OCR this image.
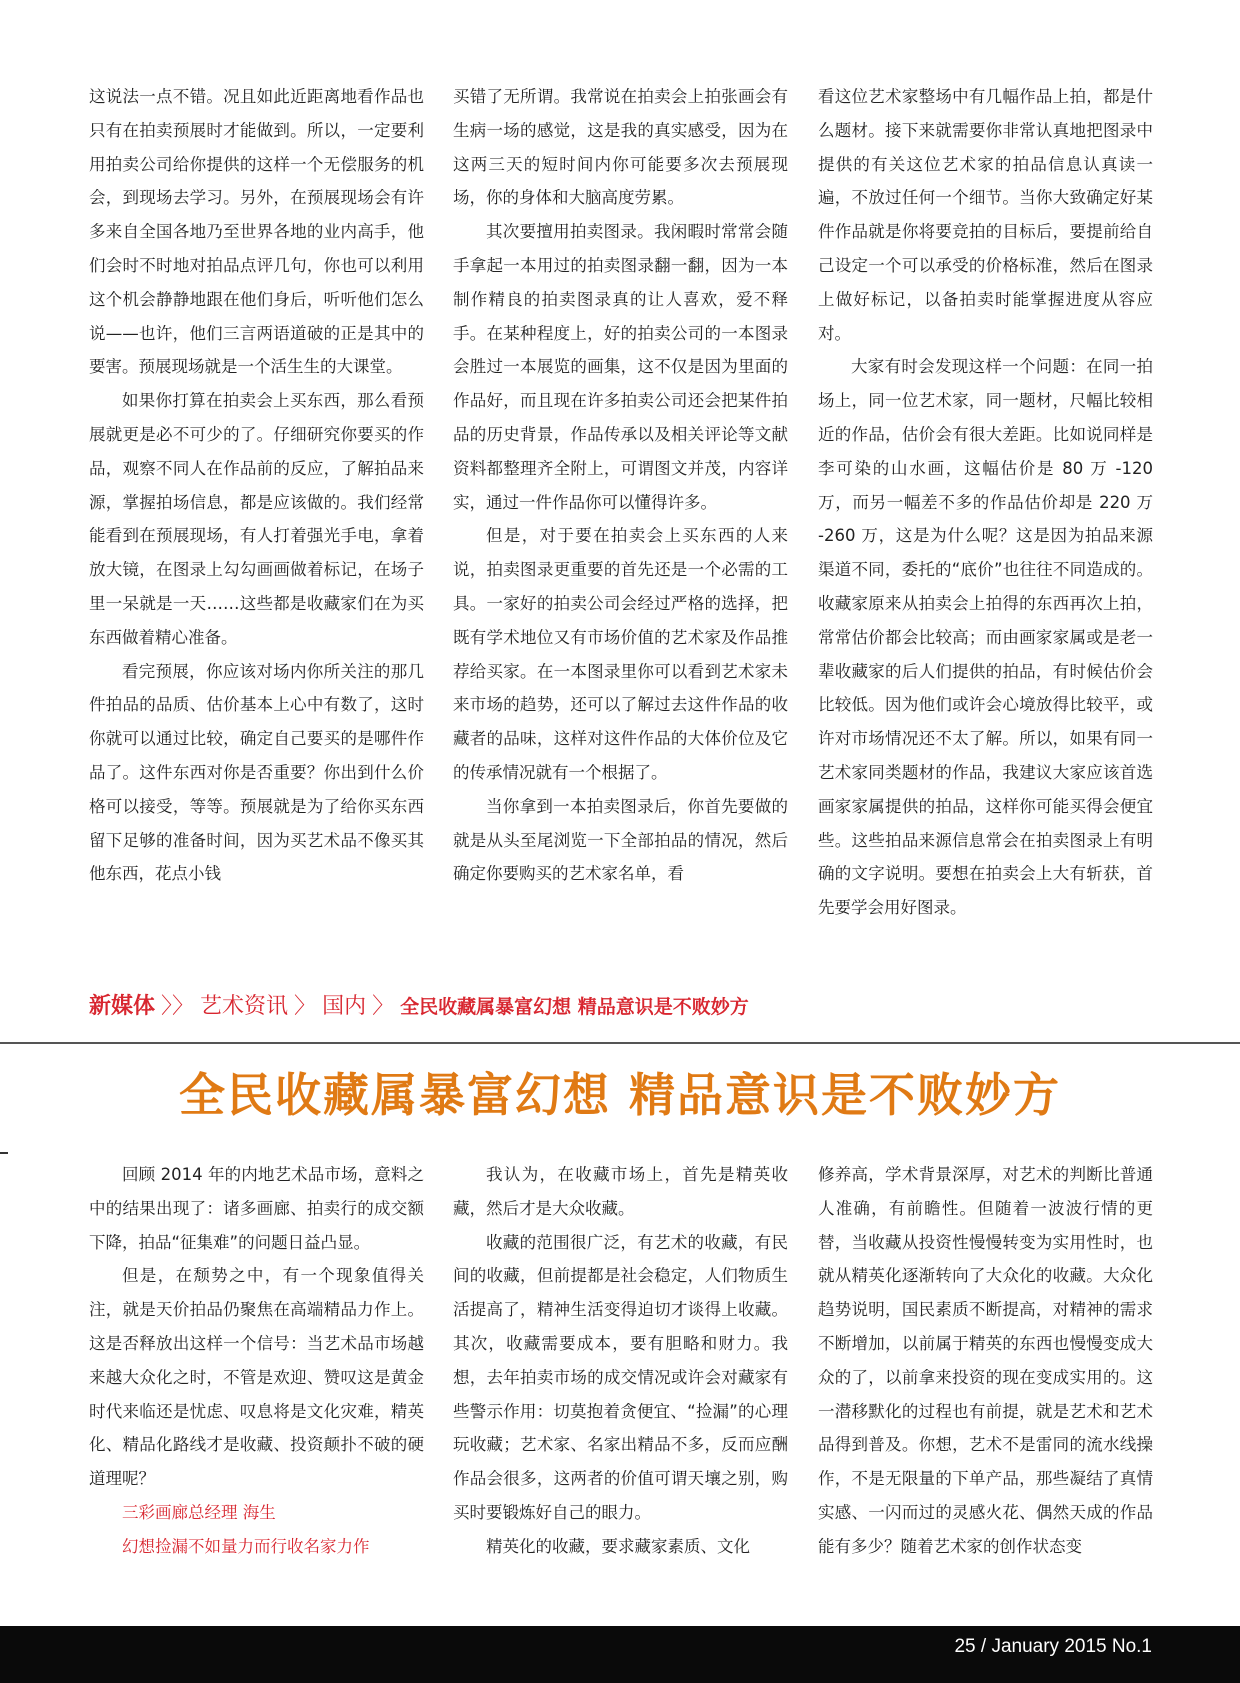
这说法一点不错。况且如此近距离地看作品也只有在拍卖预展时才能做到。所以，一定要利用拍卖公司给你提供的这样一个无偿服务的机会，到现场去学习。另外，在预展现场会有许多来自全国各地乃至世界各地的业内高手，他们会时不时地对拍品点评几句，你也可以利用这个机会静静地跟在他们身后，听听他们怎么说——也许，他们三言两语道破的正是其中的要害。预展现场就是一个活生生的大课堂。

如果你打算在拍卖会上买东西，那么看预展就更是必不可少的了。仔细研究你要买的作品，观察不同人在作品前的反应，了解拍品来源，掌握拍场信息，都是应该做的。我们经常能看到在预展现场，有人打着强光手电，拿着放大镜，在图录上勾勾画画做着标记，在场子里一呆就是一天……这些都是收藏家们在为买东西做着精心准备。

看完预展，你应该对场内你所关注的那几件拍品的品质、估价基本上心中有数了，这时你就可以通过比较，确定自己要买的是哪件作品了。这件东西对你是否重要？你出到什么价格可以接受，等等。预展就是为了给你买东西留下足够的准备时间，因为买艺术品不像买其他东西，花点小钱

买错了无所谓。我常说在拍卖会上拍张画会有生病一场的感觉，这是我的真实感受，因为在这两三天的短时间内你可能要多次去预展现场，你的身体和大脑高度劳累。

其次要擅用拍卖图录。我闲暇时常常会随手拿起一本用过的拍卖图录翻一翻，因为一本制作精良的拍卖图录真的让人喜欢，爱不释手。在某种程度上，好的拍卖公司的一本图录会胜过一本展览的画集，这不仅是因为里面的作品好，而且现在许多拍卖公司还会把某件拍品的历史背景，作品传承以及相关评论等文献资料都整理齐全附上，可谓图文并茂，内容详实，通过一件作品你可以懂得许多。

但是，对于要在拍卖会上买东西的人来说，拍卖图录更重要的首先还是一个必需的工具。一家好的拍卖公司会经过严格的选择，把既有学术地位又有市场价值的艺术家及作品推荐给买家。在一本图录里你可以看到艺术家未来市场的趋势，还可以了解过去这件作品的收藏者的品味，这样对这件作品的大体价位及它的传承情况就有一个根据了。

当你拿到一本拍卖图录后，你首先要做的就是从头至尾浏览一下全部拍品的情况，然后确定你要购买的艺术家名单，看

看这位艺术家整场中有几幅作品上拍，都是什么题材。接下来就需要你非常认真地把图录中提供的有关这位艺术家的拍品信息认真读一遍，不放过任何一个细节。当你大致确定好某件作品就是你将要竞拍的目标后，要提前给自己设定一个可以承受的价格标准，然后在图录上做好标记，以备拍卖时能掌握进度从容应对。

大家有时会发现这样一个问题：在同一拍场上，同一位艺术家，同一题材，尺幅比较相近的作品，估价会有很大差距。比如说同样是李可染的山水画，这幅估价是 80 万 -120 万，而另一幅差不多的作品估价却是 220 万 -260 万，这是为什么呢？这是因为拍品来源渠道不同，委托的“底价”也往往不同造成的。收藏家原来从拍卖会上拍得的东西再次上拍，常常估价都会比较高；而由画家家属或是老一辈收藏家的后人们提供的拍品，有时候估价会比较低。因为他们或许会心境放得比较平，或许对市场情况还不太了解。所以，如果有同一艺术家同类题材的作品，我建议大家应该首选画家家属提供的拍品，这样你可能买得会便宜些。这些拍品来源信息常会在拍卖图录上有明确的文字说明。要想在拍卖会上大有斩获，首先要学会用好图录。

新媒体 〉〉 艺术资讯 〉 国内 〉 全民收藏属暴富幻想 精品意识是不败妙方
全民收藏属暴富幻想 精品意识是不败妙方

回顾 2014 年的内地艺术品市场，意料之中的结果出现了：诸多画廊、拍卖行的成交额下降，拍品“征集难”的问题日益凸显。

但是，在颓势之中，有一个现象值得关注，就是天价拍品仍聚焦在高端精品力作上。这是否释放出这样一个信号：当艺术品市场越来越大众化之时，不管是欢迎、赞叹这是黄金时代来临还是忧虑、叹息将是文化灾难，精英化、精品化路线才是收藏、投资颠扑不破的硬道理呢？

三彩画廊总经理 海生

幻想捡漏不如量力而行收名家力作

我认为，在收藏市场上，首先是精英收藏，然后才是大众收藏。

收藏的范围很广泛，有艺术的收藏，有民间的收藏，但前提都是社会稳定，人们物质生活提高了，精神生活变得迫切才谈得上收藏。其次，收藏需要成本，要有胆略和财力。我想，去年拍卖市场的成交情况或许会对藏家有些警示作用：切莫抱着贪便宜、“捡漏”的心理玩收藏；艺术家、名家出精品不多，反而应酬作品会很多，这两者的价值可谓天壤之别，购买时要锻炼好自己的眼力。

精英化的收藏，要求藏家素质、文化

修养高，学术背景深厚，对艺术的判断比普通人准确，有前瞻性。但随着一波波行情的更替，当收藏从投资性慢慢转变为实用性时，也就从精英化逐渐转向了大众化的收藏。大众化趋势说明，国民素质不断提高，对精神的需求不断增加，以前属于精英的东西也慢慢变成大众的了，以前拿来投资的现在变成实用的。这一潜移默化的过程也有前提，就是艺术和艺术品得到普及。你想，艺术不是雷同的流水线操作，不是无限量的下单产品，那些凝结了真情实感、一闪而过的灵感火花、偶然天成的作品能有多少？随着艺术家的创作状态变

25 / January 2015 No.1
